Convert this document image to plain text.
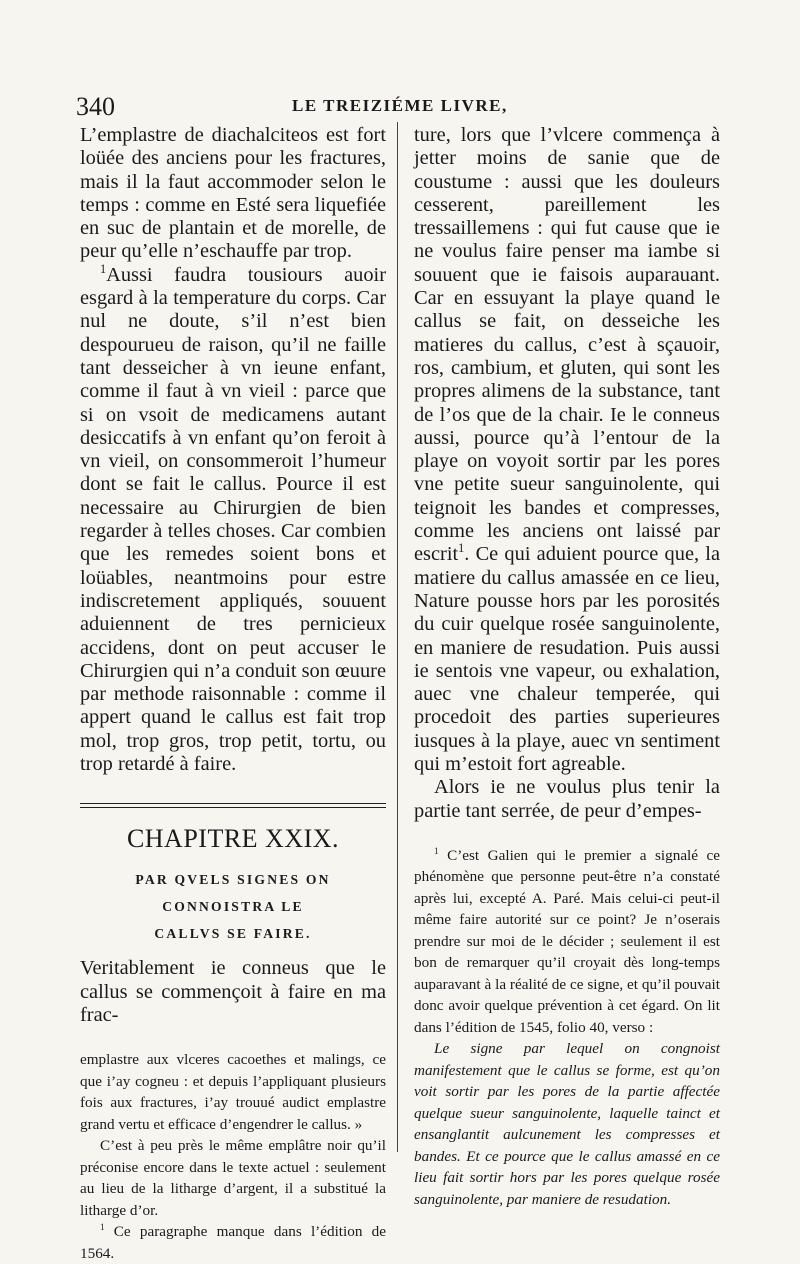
340	LE TREIZIÉME LIVRE,

L’emplastre de diachalciteos est fort loüée des anciens pour les fractures, mais il la faut accommoder selon le temps : comme en Esté sera liquefiée en suc de plantain et de morelle, de peur qu’elle n’eschauffe par trop.

$^1$Aussi faudra tousiours auoir esgard à la temperature du corps. Car nul ne doute, s’il n’est bien despourueu de raison, qu’il ne faille tant desseicher à vn ieune enfant, comme il faut à vn vieil : parce que si on vsoit de medicamens autant desiccatifs à vn enfant qu’on feroit à vn vieil, on consommeroit l’humeur dont se fait le callus. Pource il est necessaire au Chirurgien de bien regarder à telles choses. Car combien que les remedes soient bons et loüables, neantmoins pour estre indiscretement appliqués, souuent aduiennent de tres pernicieux accidens, dont on peut accuser le Chirurgien qui n’a conduit son œuure par methode raisonnable : comme il appert quand le callus est fait trop mol, trop gros, trop petit, tortu, ou trop retardé à faire.

CHAPITRE XXIX.
PAR QVELS SIGNES ON CONNOISTRA LE
CALLVS SE FAIRE.

Veritablement ie conneus que le callus se commençoit à faire en ma frac-

emplastre aux vlceres cacoethes et malings, ce que i’ay cogneu : et depuis l’appliquant plusieurs fois aux fractures, i’ay trouué audict emplastre grand vertu et efficace d’engendrer le callus. »

C’est à peu près le même emplâtre noir qu’il préconise encore dans le texte actuel : seulement au lieu de la litharge d’argent, il a substitué la litharge d’or.

$^1$ Ce paragraphe manque dans l’édition de 1564.

ture, lors que l’vlcere commença à jetter moins de sanie que de coustume : aussi que les douleurs cesserent, pareillement les tressaillemens : qui fut cause que ie ne voulus faire penser ma iambe si souuent que ie faisois auparauant. Car en essuyant la playe quand le callus se fait, on desseiche les matieres du callus, c’est à sçauoir, ros, cambium, et gluten, qui sont les propres alimens de la substance, tant de l’os que de la chair. Ie le conneus aussi, pource qu’à l’entour de la playe on voyoit sortir par les pores vne petite sueur sanguinolente, qui teignoit les bandes et compresses, comme les anciens ont laissé par escrit$^1$. Ce qui aduient pource que, la matiere du callus amassée en ce lieu, Nature pousse hors par les porosités du cuir quelque rosée sanguinolente, en maniere de resudation. Puis aussi ie sentois vne vapeur, ou exhalation, auec vne chaleur temperée, qui procedoit des parties superieures iusques à la playe, auec vn sentiment qui m’estoit fort agreable.

Alors ie ne voulus plus tenir la partie tant serrée, de peur d’empes-

$^1$ C’est Galien qui le premier a signalé ce phénomène que personne peut-être n’a constaté après lui, excepté A. Paré. Mais celui-ci peut-il même faire autorité sur ce point? Je n’oserais prendre sur moi de le décider ; seulement il est bon de remarquer qu’il croyait dès long-temps auparavant à la réalité de ce signe, et qu’il pouvait donc avoir quelque prévention à cet égard. On lit dans l’édition de 1545, folio 40, verso :

Le signe par lequel on congnoist manifestement que le callus se forme, est qu’on voit sortir par les pores de la partie affectée quelque sueur sanguinolente, laquelle tainct et ensanglantit aulcunement les compresses et bandes. Et ce pource que le callus amassé en ce lieu fait sortir hors par les pores quelque rosée sanguinolente, par maniere de resudation.
